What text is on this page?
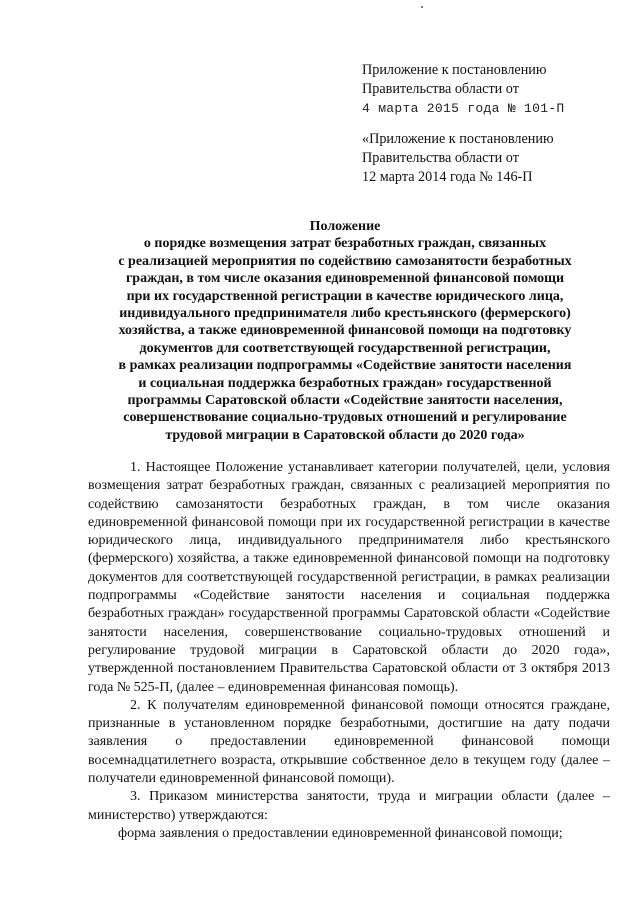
Приложение к постановлению
Правительства области от
4 марта 2015 года № 101-П
«Приложение к постановлению
Правительства области от
12 марта 2014 года № 146-П
Положение
о порядке возмещения затрат безработных граждан, связанных
с реализацией мероприятия по содействию самозанятости безработных
граждан, в том числе оказания единовременной финансовой помощи
при их государственной регистрации в качестве юридического лица,
индивидуального предпринимателя либо крестьянского (фермерского)
хозяйства, а также единовременной финансовой помощи на подготовку
документов для соответствующей государственной регистрации,
в рамках реализации подпрограммы «Содействие занятости населения
и социальная поддержка безработных граждан» государственной
программы Саратовской области «Содействие занятости населения,
совершенствование социально-трудовых отношений и регулирование
трудовой миграции в Саратовской области до 2020 года»

1. Настоящее Положение устанавливает категории получателей, цели, условия возмещения затрат безработных граждан, связанных с реализацией мероприятия по содействию самозанятости безработных граждан, в том числе оказания единовременной финансовой помощи при их государственной регистрации в качестве юридического лица, индивидуального предпринимателя либо крестьянского (фермерского) хозяйства, а также единовременной финансовой помощи на подготовку документов для соответствующей государственной регистрации, в рамках реализации подпрограммы «Содействие занятости населения и социальная поддержка безработных граждан» государственной программы Саратовской области «Содействие занятости населения, совершенствование социально-трудовых отношений и регулирование трудовой миграции в Саратовской области до 2020 года», утвержденной постановлением Правительства Саратовской области от 3 октября 2013 года № 525-П, (далее – единовременная финансовая помощь).

2. К получателям единовременной финансовой помощи относятся граждане, признанные в установленном порядке безработными, достигшие на дату подачи заявления о предоставлении единовременной финансовой помощи восемнадцатилетнего возраста, открывшие собственное дело в текущем году (далее – получатели единовременной финансовой помощи).

3. Приказом министерства занятости, труда и миграции области (далее – министерство) утверждаются:

форма заявления о предоставлении единовременной финансовой помощи;
